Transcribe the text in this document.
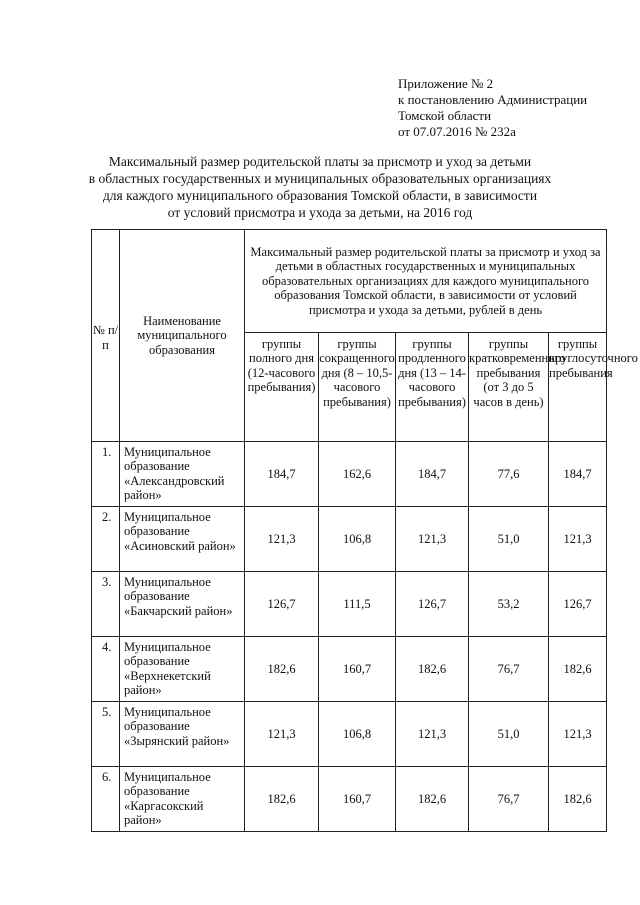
Приложение № 2
к постановлению Администрации
Томской области
от 07.07.2016 № 232а
Максимальный размер родительской платы за присмотр и уход за детьми
в областных государственных и муниципальных образовательных организациях
для каждого муниципального образования Томской области, в зависимости
от условий присмотра и ухода за детьми, на 2016 год
№ п/п	Наименование муниципального образования	Максимальный размер родительской платы за присмотр и уход за детьми в областных государственных и муниципальных образовательных организациях для каждого муниципального образования Томской области, в зависимости от условий присмотра и ухода за детьми, рублей в день				
		группы полного дня (12-часового пребывания)	группы сокращенного дня (8 – 10,5-часового пребывания)	группы продленного дня (13 – 14-часового пребывания)	группы кратковременного пребывания (от 3 до 5 часов в день)	группы круглосуточного пребывания
1.	Муниципальное образование «Александровский район»	184,7	162,6	184,7	77,6	184,7
2.	Муниципальное образование «Асиновский район»	121,3	106,8	121,3	51,0	121,3
3.	Муниципальное образование «Бакчарский район»	126,7	111,5	126,7	53,2	126,7
4.	Муниципальное образование «Верхнекетский район»	182,6	160,7	182,6	76,7	182,6
5.	Муниципальное образование «Зырянский район»	121,3	106,8	121,3	51,0	121,3
6.	Муниципальное образование «Каргасокский район»	182,6	160,7	182,6	76,7	182,6
